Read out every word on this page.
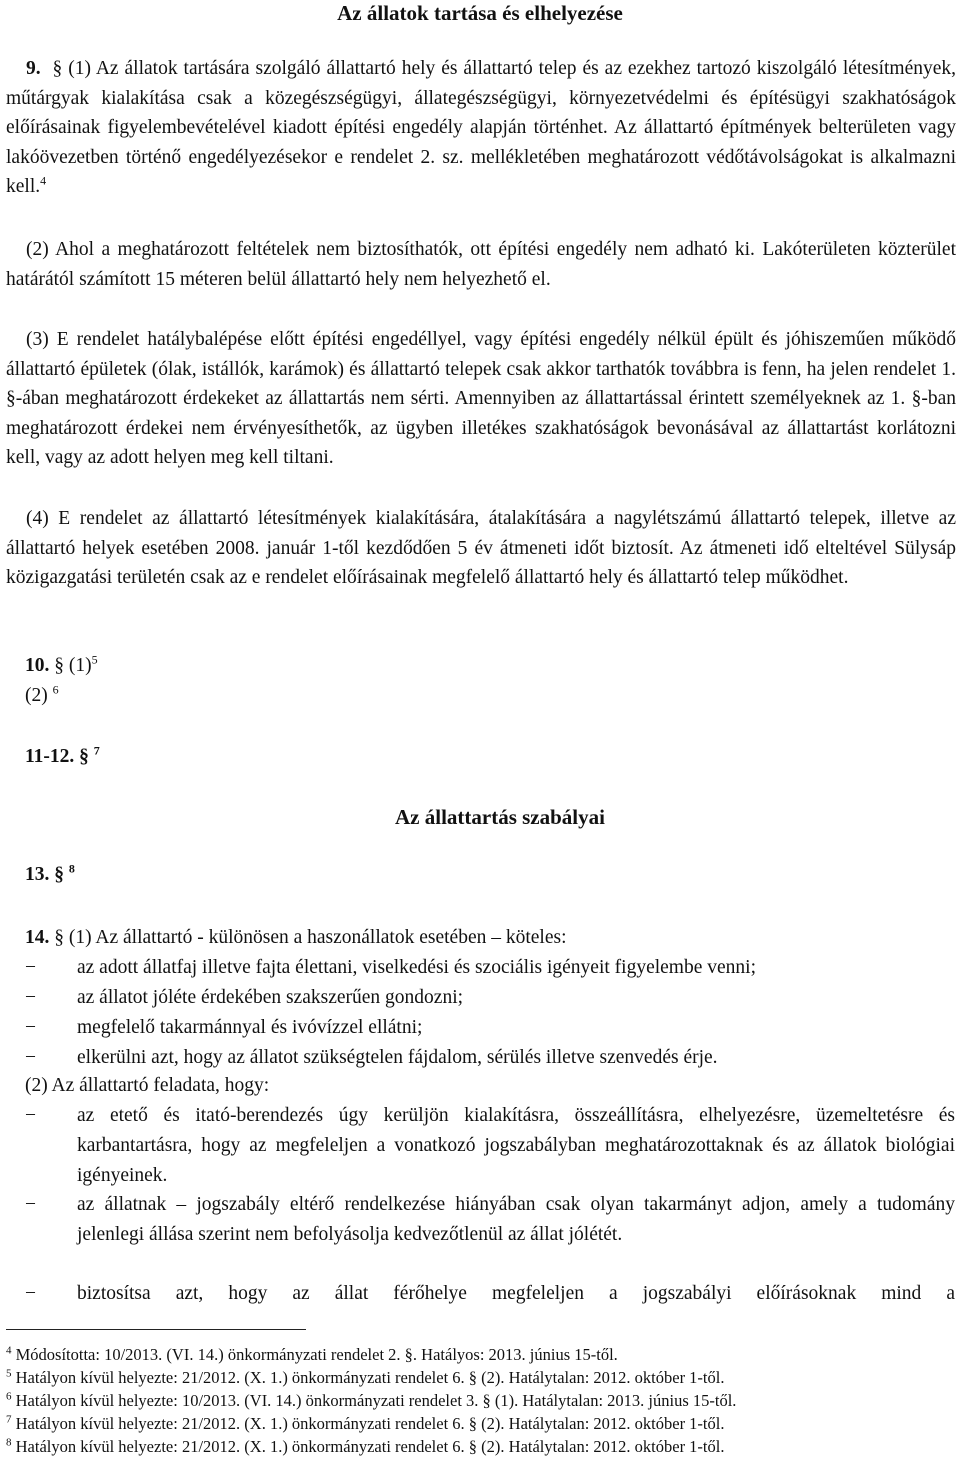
Az állatok tartása és elhelyezése
9. § (1) Az állatok tartására szolgáló állattartó hely és állattartó telep és az ezekhez tartozó kiszolgáló létesítmények, műtárgyak kialakítása csak a közegészségügyi, állategészségügyi, környezetvédelmi és építésügyi szakhatóságok előírásainak figyelembevételével kiadott építési engedély alapján történhet. Az állattartó építmények belterületen vagy lakóövezetben történő engedélyezésekor e rendelet 2. sz. mellékletében meghatározott védőtávolságokat is alkalmazni kell.$^4$
(2) Ahol a meghatározott feltételek nem biztosíthatók, ott építési engedély nem adható ki. Lakóterületen közterület határától számított 15 méteren belül állattartó hely nem helyezhető el.
(3) E rendelet hatálybalépése előtt építési engedéllyel, vagy építési engedély nélkül épült és jóhiszeműen működő állattartó épületek (ólak, istállók, karámok) és állattartó telepek csak akkor tarthatók továbbra is fenn, ha jelen rendelet 1. §-ában meghatározott érdekeket az állattartás nem sérti. Amennyiben az állattartással érintett személyeknek az 1. §-ban meghatározott érdekei nem érvényesíthetők, az ügyben illetékes szakhatóságok bevonásával az állattartást korlátozni kell, vagy az adott helyen meg kell tiltani.
(4) E rendelet az állattartó létesítmények kialakítására, átalakítására a nagylétszámú állattartó telepek, illetve az állattartó helyek esetében 2008. január 1-től kezdődően 5 év átmeneti időt biztosít. Az átmeneti idő elteltével Sülysáp közigazgatási területén csak az e rendelet előírásainak megfelelő állattartó hely és állattartó telep működhet.
10. § $(1)^5$
(2) $^6$
11-12. § $^7$
Az állattartás szabályai
13. § $^8$
14. § (1) Az állattartó - különösen a haszonállatok esetében – köteles:
−	az adott állatfaj illetve fajta élettani, viselkedési és szociális igényeit figyelembe venni;
−	az állatot jóléte érdekében szakszerűen gondozni;
−	megfelelő takarmánnyal és ivóvízzel ellátni;
−	elkerülni azt, hogy az állatot szükségtelen fájdalom, sérülés illetve szenvedés érje.
(2) Az állattartó feladata, hogy:
−	az etető és itató-berendezés úgy kerüljön kialakításra, összeállításra, elhelyezésre, üzemeltetésre és karbantartásra, hogy az megfeleljen a vonatkozó jogszabályban meghatározottaknak és az állatok biológiai igényeinek.
−	az állatnak – jogszabály eltérő rendelkezése hiányában csak olyan takarmányt adjon, amely a tudomány jelenlegi állása szerint nem befolyásolja kedvezőtlenül az állat jólétét.
−	biztosítsa azt, hogy az állat férőhelye megfeleljen a jogszabályi előírásoknak mind a
$^4$ Módosította: 10/2013. (VI. 14.) önkormányzati rendelet 2. §. Hatályos: 2013. június 15-től.
$^5$ Hatályon kívül helyezte: 21/2012. (X. 1.) önkormányzati rendelet 6. § (2). Hatálytalan: 2012. október 1-től.
$^6$ Hatályon kívül helyezte: 10/2013. (VI. 14.) önkormányzati rendelet 3. § (1). Hatálytalan: 2013. június 15-től.
$^7$ Hatályon kívül helyezte: 21/2012. (X. 1.) önkormányzati rendelet 6. § (2). Hatálytalan: 2012. október 1-től.
$^8$ Hatályon kívül helyezte: 21/2012. (X. 1.) önkormányzati rendelet 6. § (2). Hatálytalan: 2012. október 1-től.
